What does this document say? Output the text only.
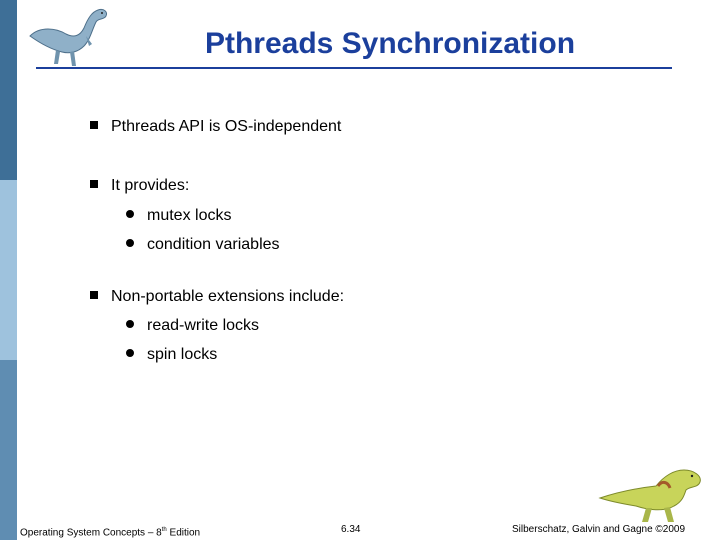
Pthreads Synchronization
Pthreads API is OS-independent
It provides:
mutex locks
condition variables
Non-portable extensions include:
read-write locks
spin locks
Operating System Concepts – 8th Edition	6.34	Silberschatz, Galvin and Gagne ©2009
